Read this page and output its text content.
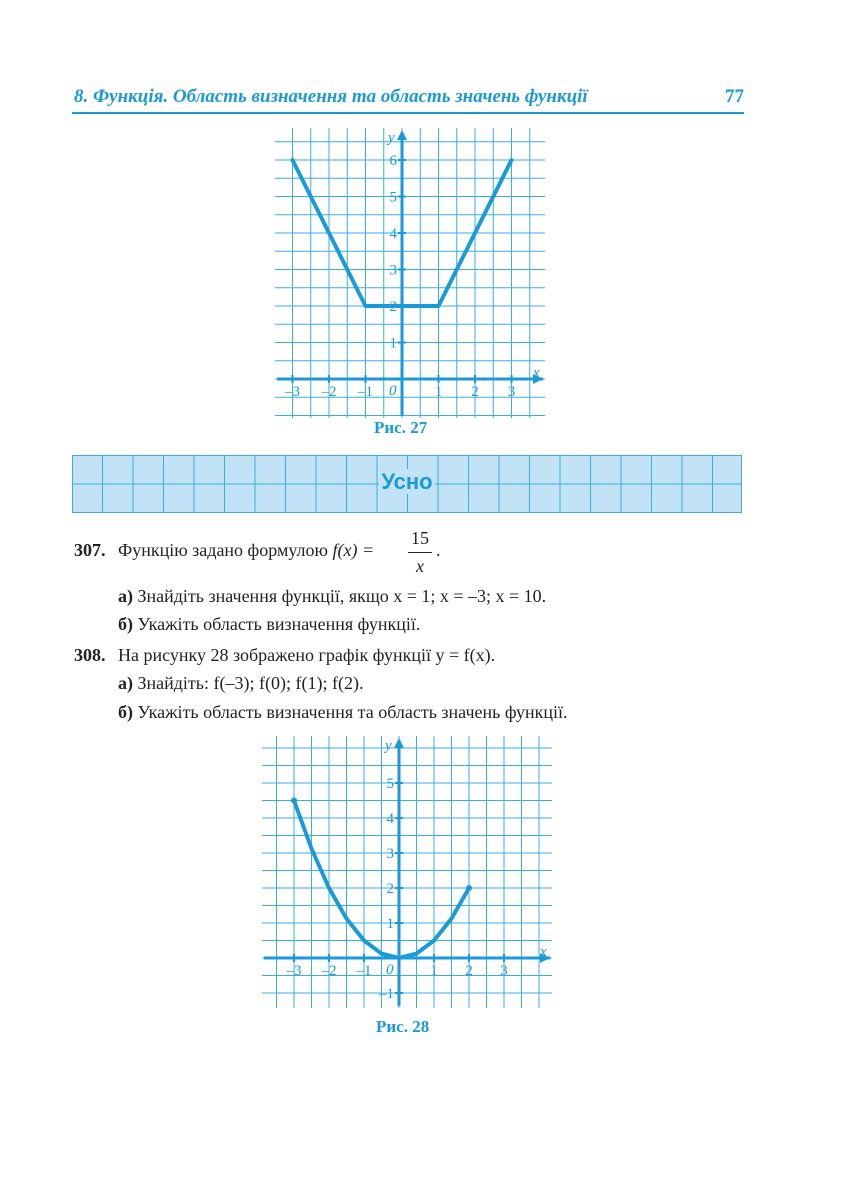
8. Функція. Область визначення та область значень функції	77
x
y
0
–3 –2 –1	1 2 3
1
2
3
4
5
6
Рис. 27
Усно
307. Функцію задано формулою f(x) =
15
x
.
а) Знайдіть значення функції, якщо x = 1; x = –3; x = 10.
б) Укажіть область визначення функції.
308. На рисунку 28 зображено графік функції y = f(x).
а) Знайдіть: f(–3); f(0); f(1); f(2).
б) Укажіть область визначення та область значень функції.
x
y
0
–3 –2 –1	1 2 3
–1
1
2
3
4
5
Рис. 28
